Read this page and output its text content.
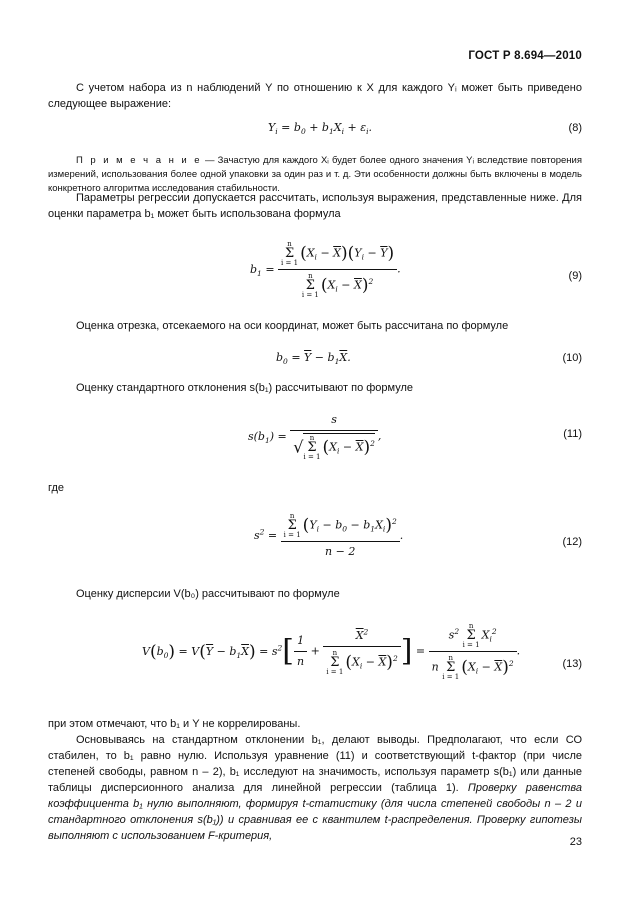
ГОСТ Р 8.694—2010
С учетом набора из n наблюдений Y по отношению к X для каждого Yᵢ может быть приведено следующее выражение:
$Y_i = b_0 + b_1X_i + \varepsilon_i$.	(8)
П р и м е ч а н и е — Зачастую для каждого Xᵢ будет более одного значения Yᵢ вследствие повторения измерений, использования более одной упаковки за один раз и т. д. Эти особенности должны быть включены в модель конкретного алгоритма исследования стабильности.
Параметры регрессии допускается рассчитать, используя выражения, представленные ниже. Для оценки параметра b₁ может быть использована формула
$b_1 = n$
Σ
i = 1 $(X_i - \overline{X})(Y_i - \overline{Y})$
n
Σ
i = 1 $(X_i - \overline{X})^2$ .
(9)
Оценка отрезка, отсекаемого на оси координат, может быть рассчитана по формуле
$b_0 = \overline{Y} - b_1\overline{X}$.	(10)
Оценку стандартного отклонения s(b₁) рассчитывают по формуле
$s(b_1) = s$
√ n
Σ
i = 1 $(X_i - \overline{X})^2$ ,	(11)
где
$s^2 = n$
Σ
i = 1 $(Y_i - b_0 - b_1X_i)^2$
n − 2 .	(12)
Оценку дисперсии V(b₀) рассчитывают по формуле
$V(b_0) = V(\overline{Y} - b_1\overline{X}) = s^2[ \frac{1}{n} + \overline{X}^2$
n
Σ
i = 1 $(X_i - \overline{X})^2$ ] = $s^2$ n
Σ
$i = 1X_i^2$
n n
Σ
i = 1 $(X_i - \overline{X})^2$ .
(13)
при этом отмечают, что b₁ и Y не коррелированы.
Основываясь на стандартном отклонении b₁, делают выводы. Предполагают, что если СО стабилен, то b₁ равно нулю. Используя уравнение (11) и соответствующий t-фактор (при числе степеней свободы, равном n – 2), b₁ исследуют на значимость, используя параметр s(b₁) или данные таблицы дисперсионного анализа для линейной регрессии (таблица 1). Проверку равенства коэффициента b₁ нулю выполняют, формируя t-статистику (для числа степеней свободы n – 2 и стандартного отклонения s(b₁)) и сравнивая ее с квантилем t-распределения. Проверку гипотезы выполняют с использованием F-критерия,	23
